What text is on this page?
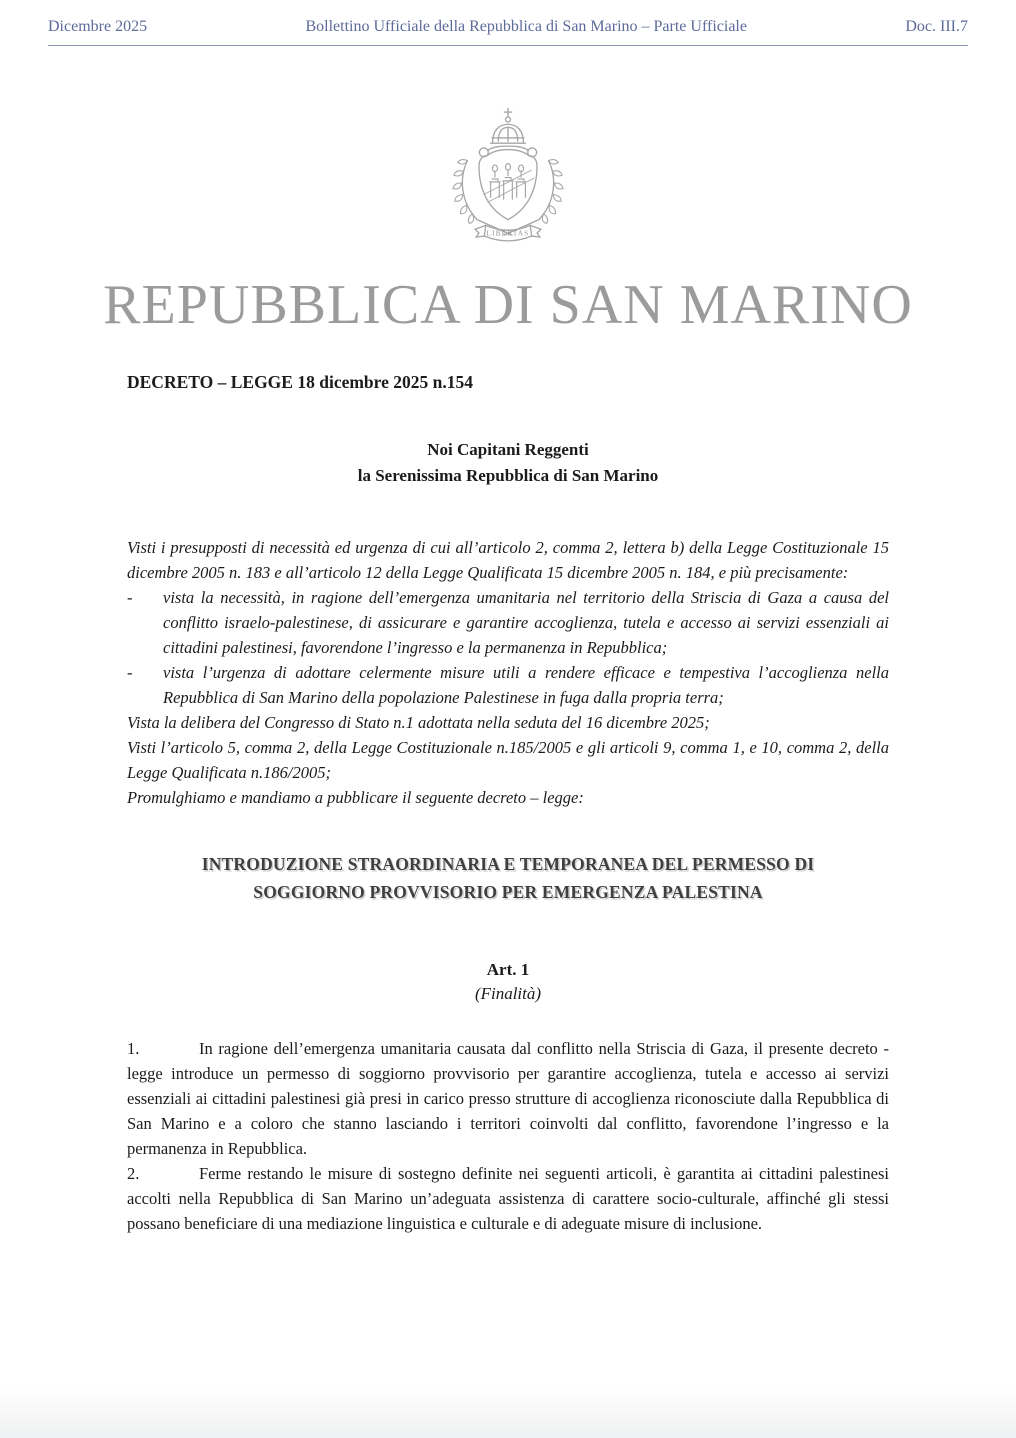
Dicembre 2025	Bollettino Ufficiale della Repubblica di San Marino – Parte Ufficiale	Doc. III.7
LIBERTAS
REPUBBLICA DI SAN MARINO
DECRETO – LEGGE 18 dicembre 2025 n.154
Noi Capitani Reggenti
la Serenissima Repubblica di San Marino

Visti i presupposti di necessità ed urgenza di cui all’articolo 2, comma 2, lettera b) della Legge Costituzionale 15 dicembre 2005 n. 183 e all’articolo 12 della Legge Qualificata 15 dicembre 2005 n. 184, e più precisamente:

-	vista la necessità, in ragione dell’emergenza umanitaria nel territorio della Striscia di Gaza a causa del conflitto israelo-palestinese, di assicurare e garantire accoglienza, tutela e accesso ai servizi essenziali ai cittadini palestinesi, favorendone l’ingresso e la permanenza in Repubblica;
-	vista l’urgenza di adottare celermente misure utili a rendere efficace e tempestiva l’accoglienza nella Repubblica di San Marino della popolazione Palestinese in fuga dalla propria terra;

Vista la delibera del Congresso di Stato n.1 adottata nella seduta del 16 dicembre 2025;

Visti l’articolo 5, comma 2, della Legge Costituzionale n.185/2005 e gli articoli 9, comma 1, e 10, comma 2, della Legge Qualificata n.186/2005;

Promulghiamo e mandiamo a pubblicare il seguente decreto – legge:

INTRODUZIONE STRAORDINARIA E TEMPORANEA DEL PERMESSO DI SOGGIORNO PROVVISORIO PER EMERGENZA PALESTINA
Art. 1
(Finalità)

1.	In ragione dell’emergenza umanitaria causata dal conflitto nella Striscia di Gaza, il presente decreto - legge introduce un permesso di soggiorno provvisorio per garantire accoglienza, tutela e accesso ai servizi essenziali ai cittadini palestinesi già presi in carico presso strutture di accoglienza riconosciute dalla Repubblica di San Marino e a coloro che stanno lasciando i territori coinvolti dal conflitto, favorendone l’ingresso e la permanenza in Repubblica.

2.	Ferme restando le misure di sostegno definite nei seguenti articoli, è garantita ai cittadini palestinesi accolti nella Repubblica di San Marino un’adeguata assistenza di carattere socio-culturale, affinché gli stessi possano beneficiare di una mediazione linguistica e culturale e di adeguate misure di inclusione.
